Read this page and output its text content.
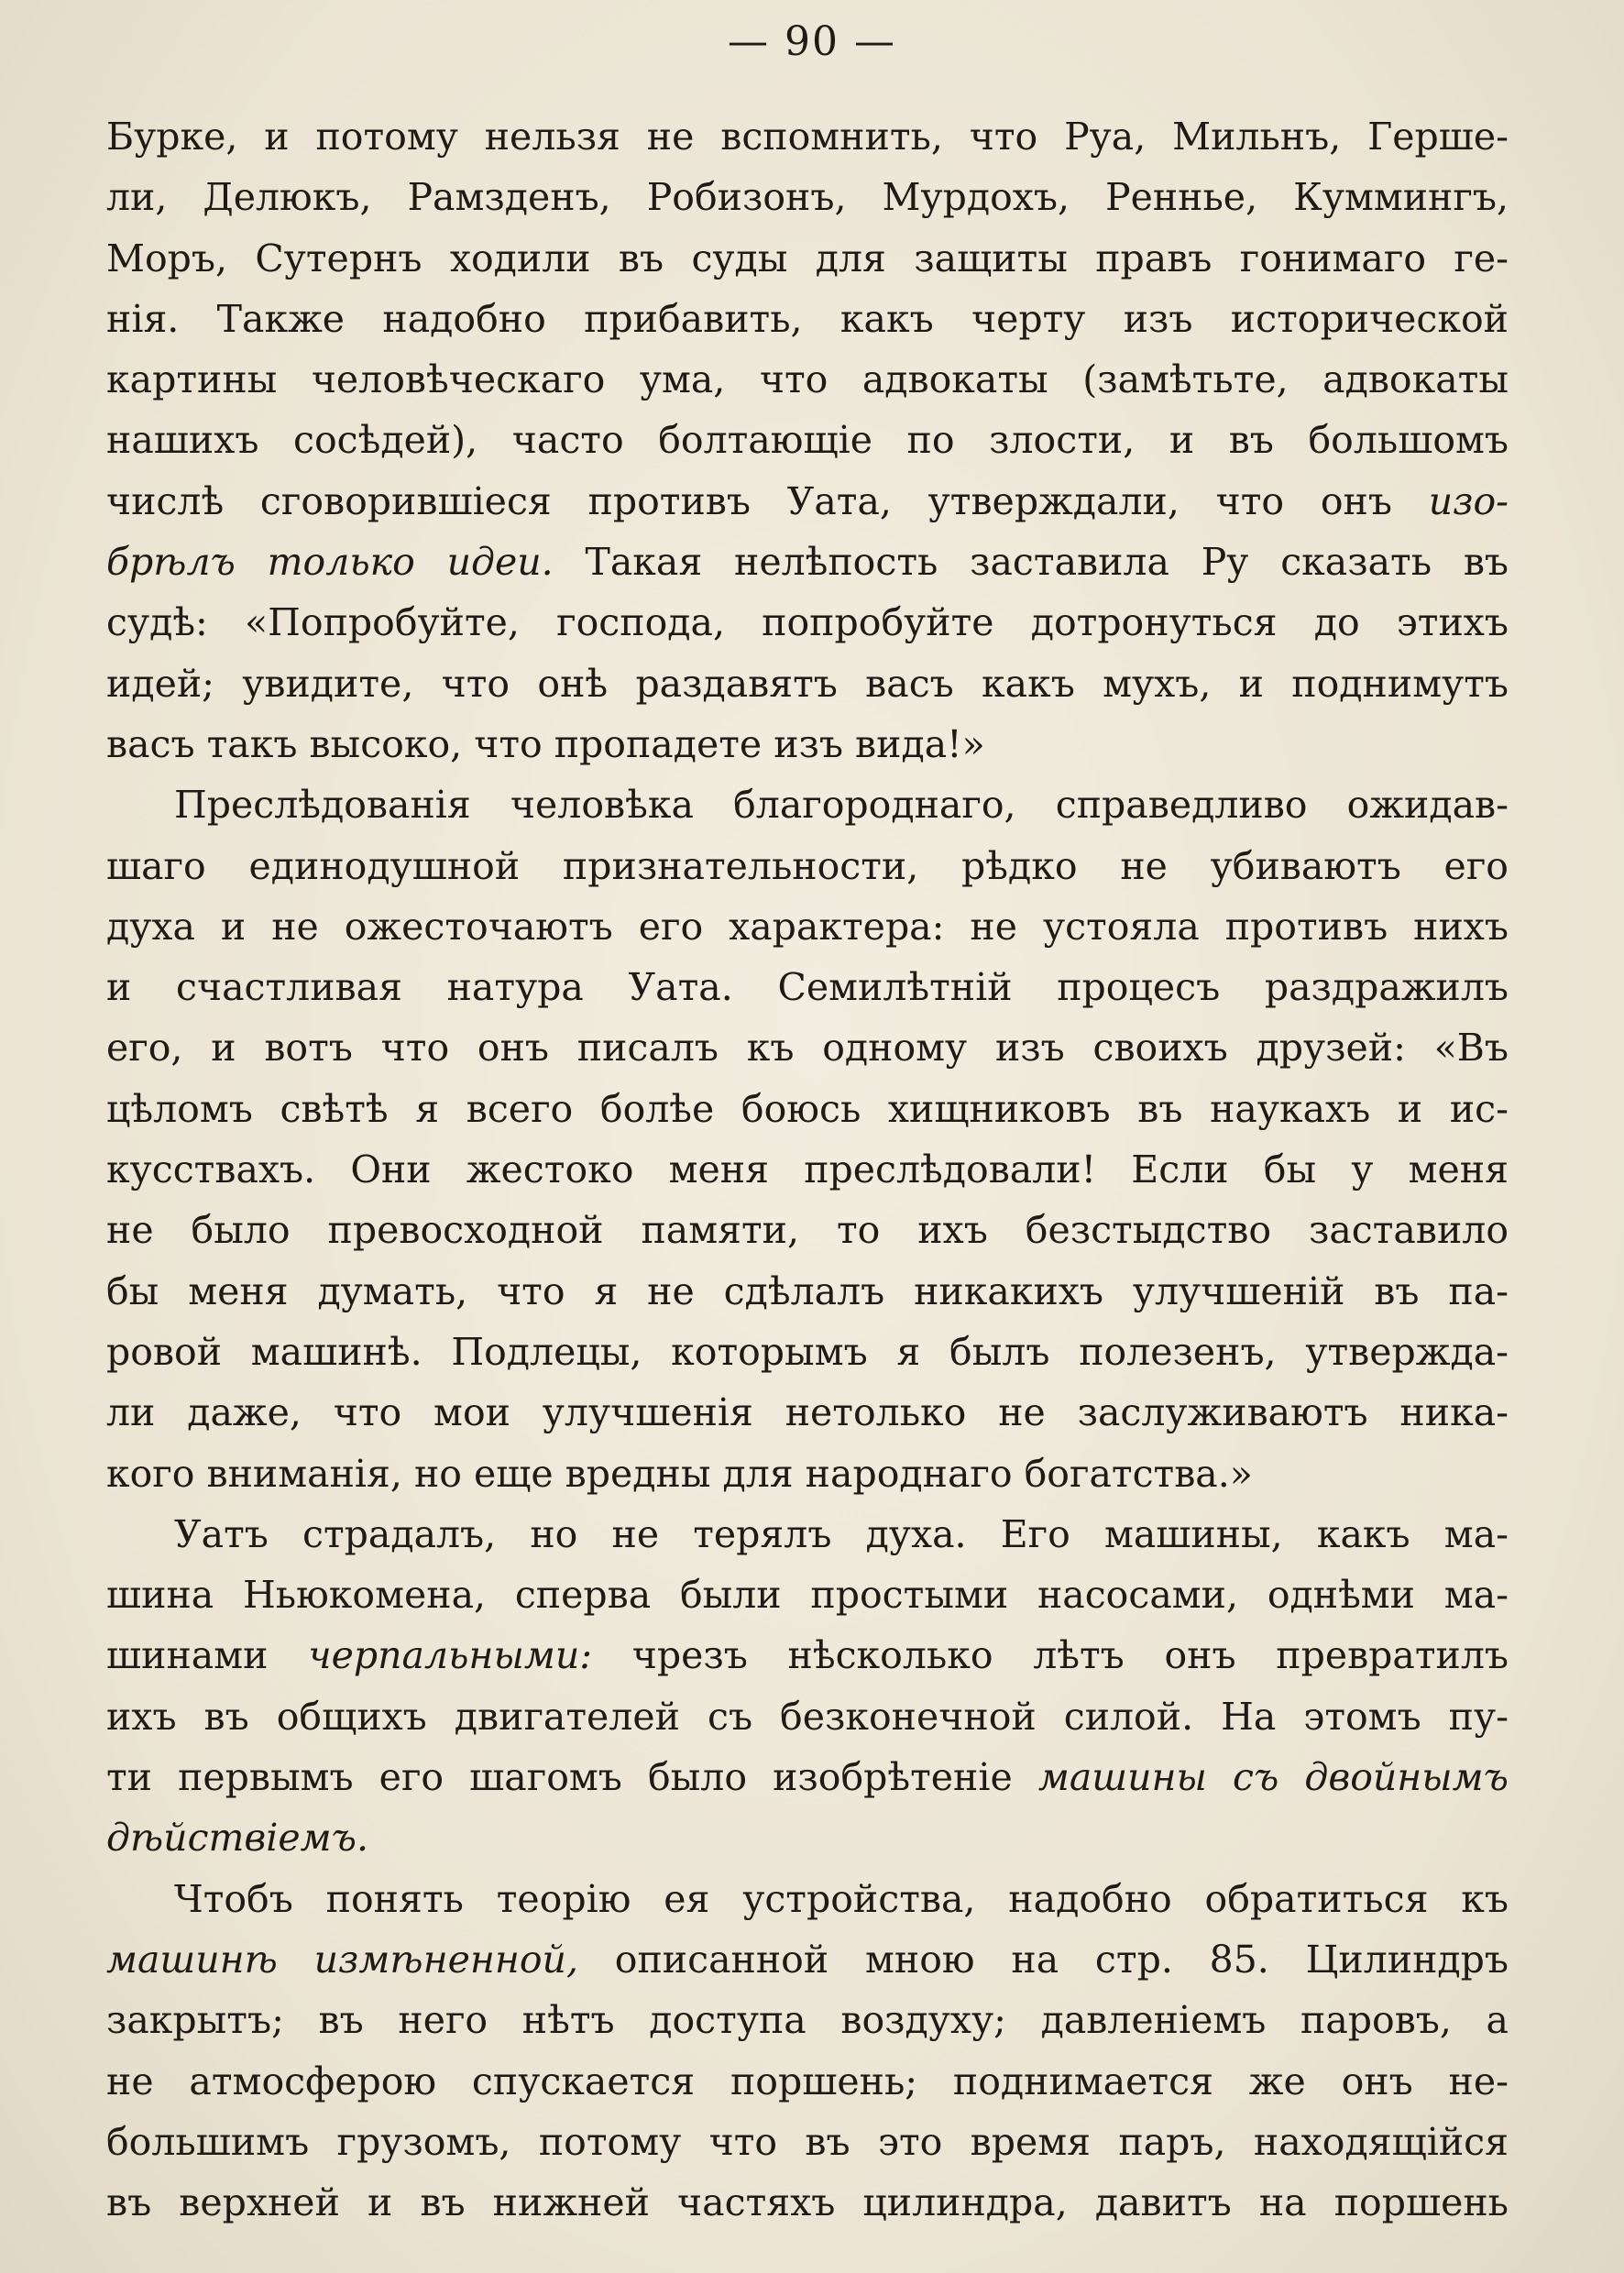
— 90 —
Бурке, и потому нельзя не вспомнить, что Руа, Мильнъ, Герше-
ли, Делюкъ, Рамзденъ, Робизонъ, Мурдохъ, Реннье, Куммингъ,
Моръ, Сутернъ ходили въ суды для защиты правъ гонимаго ге-
нія. Также надобно прибавить, какъ черту изъ исторической
картины человѣческаго ума, что адвокаты (замѣтьте, адвокаты
нашихъ сосѣдей), часто болтающіе по злости, и въ большомъ
числѣ сговорившіеся противъ Уата, утверждали, что онъ изо-
брѣлъ только идеи. Такая нелѣпость заставила Ру сказать въ
судѣ: «Попробуйте, господа, попробуйте дотронуться до этихъ
идей; увидите, что онѣ раздавятъ васъ какъ мухъ, и поднимутъ
васъ такъ высоко, что пропадете изъ вида!»
Преслѣдованія человѣка благороднаго, справедливо ожидав-
шаго единодушной признательности, рѣдко не убиваютъ его
духа и не ожесточаютъ его характера: не устояла противъ нихъ
и счастливая натура Уата. Семилѣтній процесъ раздражилъ
его, и вотъ что онъ писалъ къ одному изъ своихъ друзей: «Въ
цѣломъ свѣтѣ я всего болѣе боюсь хищниковъ въ наукахъ и ис-
кусствахъ. Они жестоко меня преслѣдовали! Если бы у меня
не было превосходной памяти, то ихъ безстыдство заставило
бы меня думать, что я не сдѣлалъ никакихъ улучшеній въ па-
ровой машинѣ. Подлецы, которымъ я былъ полезенъ, утвержда-
ли даже, что мои улучшенія нетолько не заслуживаютъ ника-
кого вниманія, но еще вредны для народнаго богатства.»
Уатъ страдалъ, но не терялъ духа. Его машины, какъ ма-
шина Ньюкомена, сперва были простыми насосами, однѣми ма-
шинами черпальными: чрезъ нѣсколько лѣтъ онъ превратилъ
ихъ въ общихъ двигателей съ безконечной силой. На этомъ пу-
ти первымъ его шагомъ было изобрѣтеніе машины съ двойнымъ
дѣйствіемъ.
Чтобъ понять теорію ея устройства, надобно обратиться къ
машинѣ измѣненной, описанной мною на стр. 85. Цилиндръ
закрытъ; въ него нѣтъ доступа воздуху; давленіемъ паровъ, а
не атмосферою спускается поршень; поднимается же онъ не-
большимъ грузомъ, потому что въ это время паръ, находящійся
въ верхней и въ нижней частяхъ цилиндра, давитъ на поршень
